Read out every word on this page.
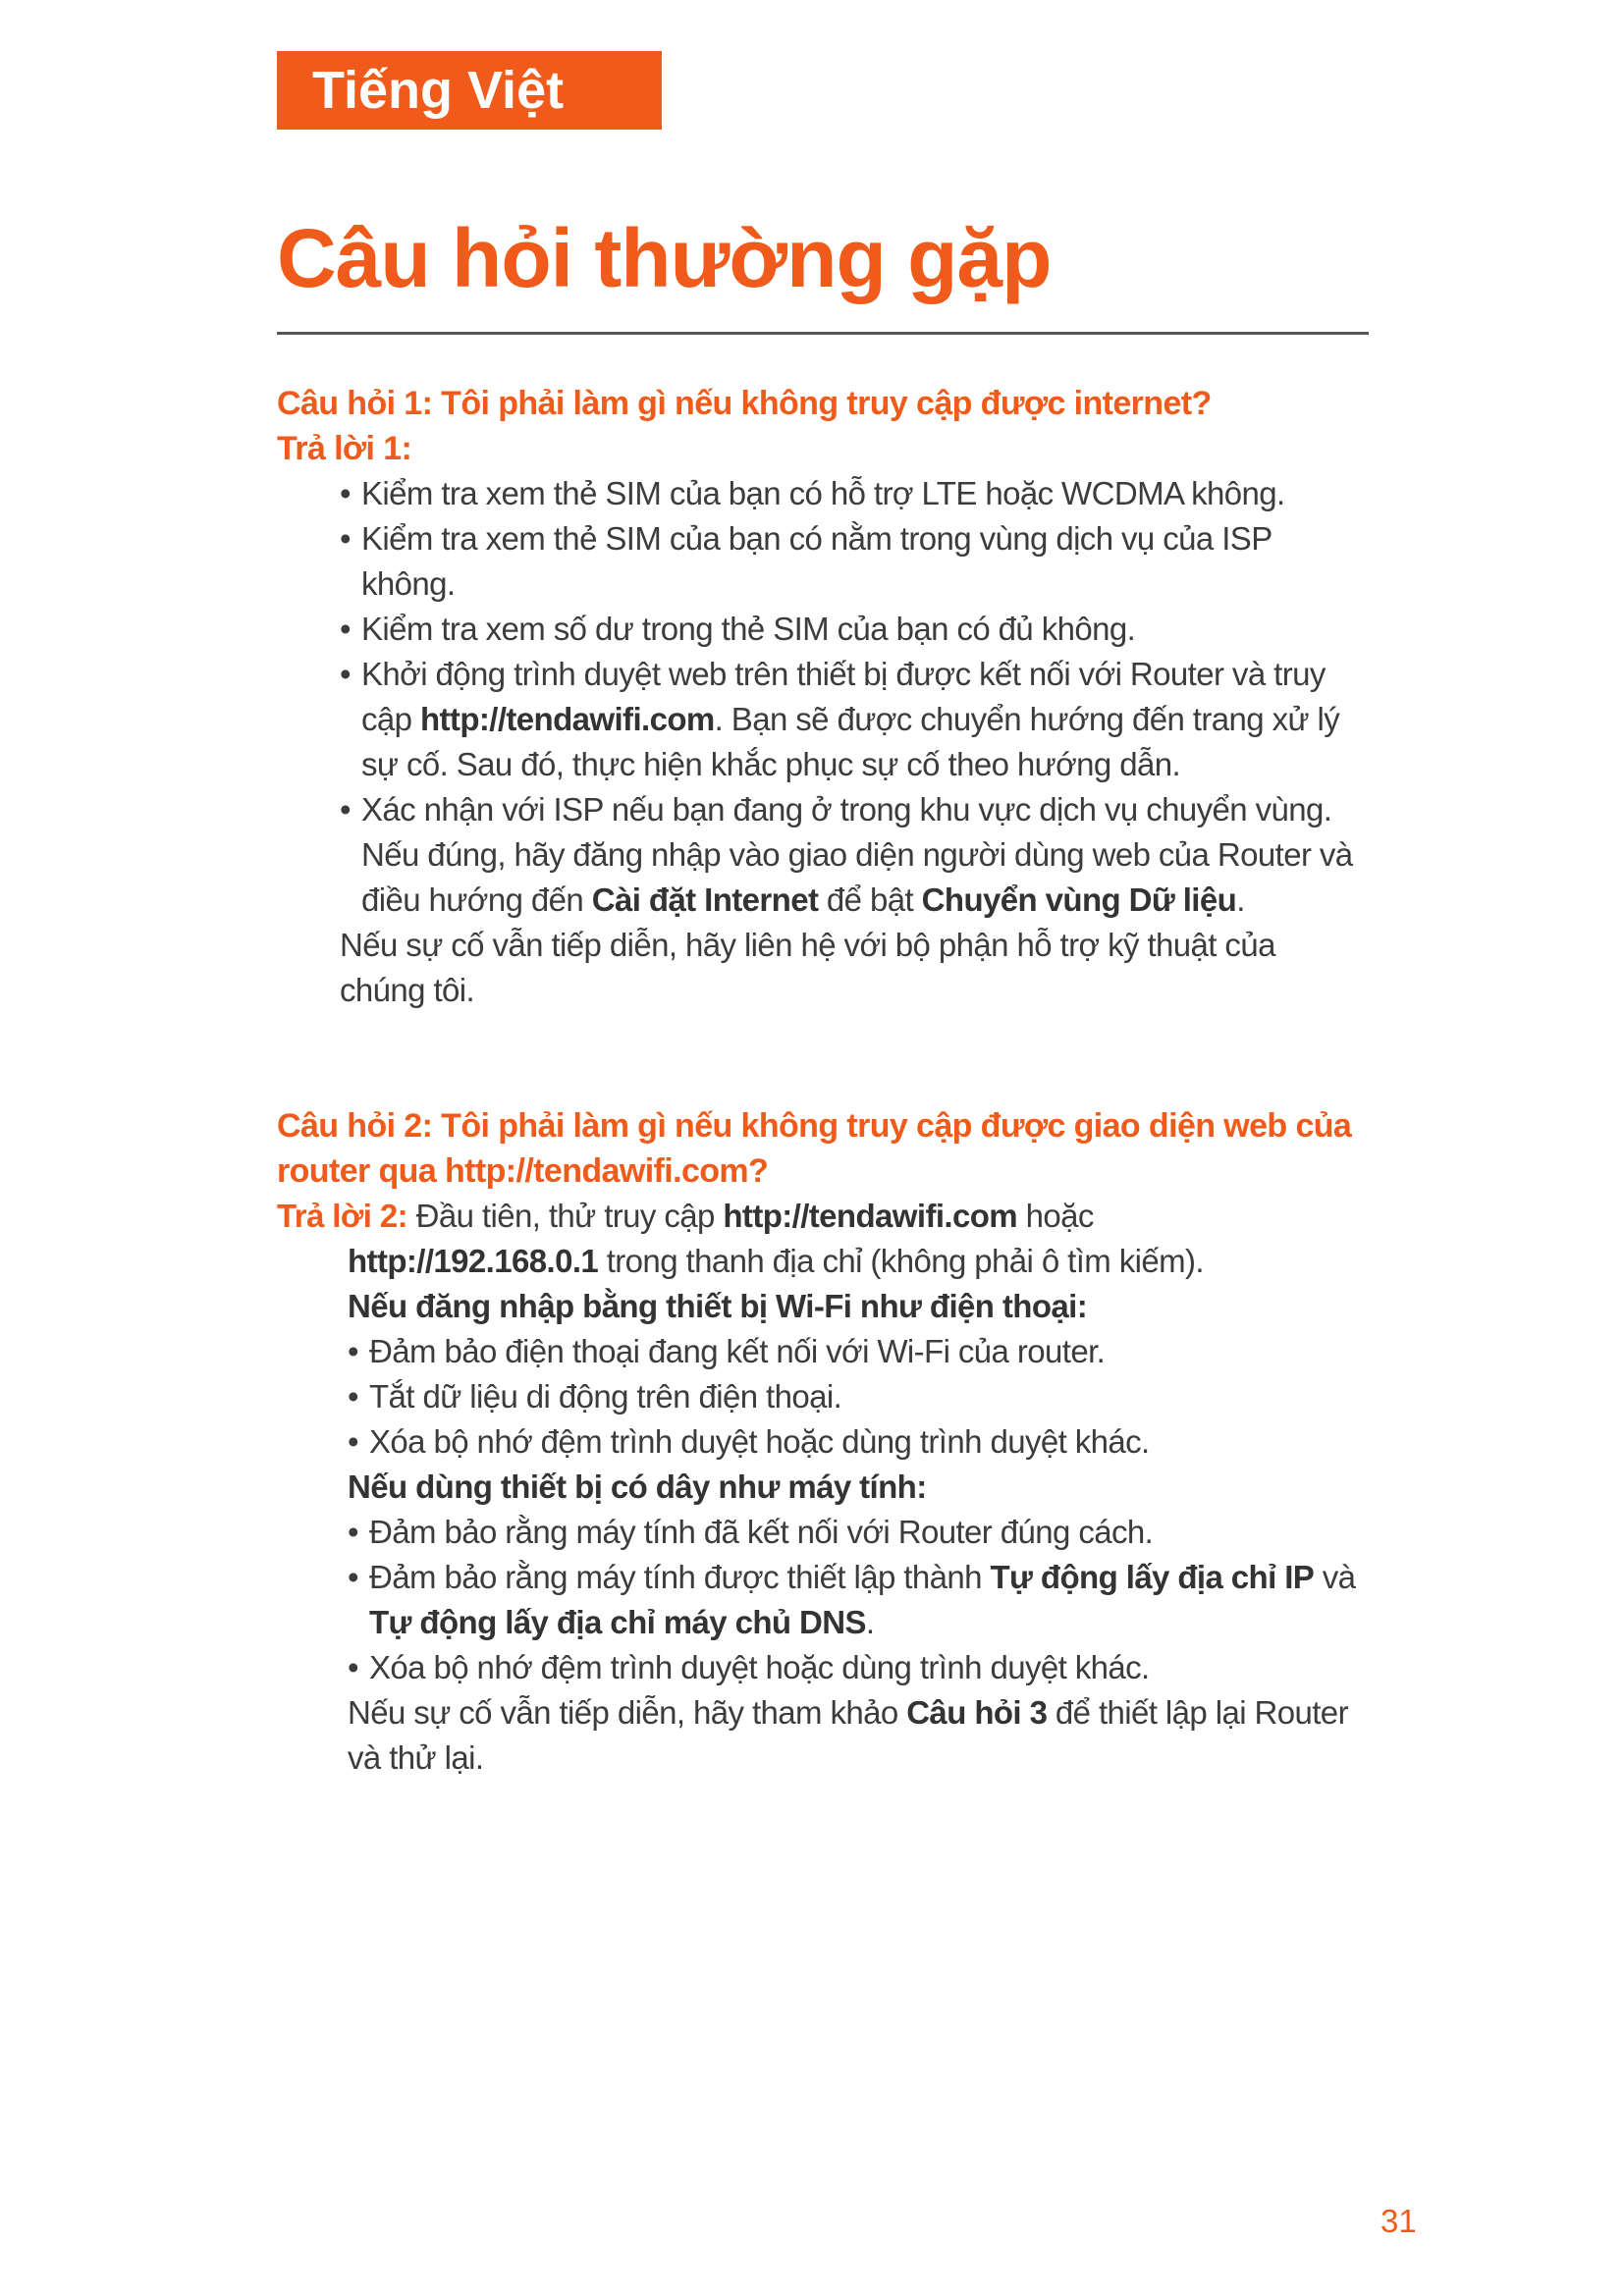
Tiếng Việt
Câu hỏi thường gặp
Câu hỏi 1: Tôi phải làm gì nếu không truy cập được internet?
Trả lời 1:
• Kiểm tra xem thẻ SIM của bạn có hỗ trợ LTE hoặc WCDMA không.
• Kiểm tra xem thẻ SIM của bạn có nằm trong vùng dịch vụ của ISP không.
• Kiểm tra xem số dư trong thẻ SIM của bạn có đủ không.
• Khởi động trình duyệt web trên thiết bị được kết nối với Router và truy cập http://tendawifi.com. Bạn sẽ được chuyển hướng đến trang xử lý sự cố. Sau đó, thực hiện khắc phục sự cố theo hướng dẫn.
• Xác nhận với ISP nếu bạn đang ở trong khu vực dịch vụ chuyển vùng. Nếu đúng, hãy đăng nhập vào giao diện người dùng web của Router và điều hướng đến Cài đặt Internet để bật Chuyển vùng Dữ liệu.
Nếu sự cố vẫn tiếp diễn, hãy liên hệ với bộ phận hỗ trợ kỹ thuật của chúng tôi.
Câu hỏi 2: Tôi phải làm gì nếu không truy cập được giao diện web của router qua http://tendawifi.com?
Trả lời 2: Đầu tiên, thử truy cập http://tendawifi.com hoặc
http://192.168.0.1 trong thanh địa chỉ (không phải ô tìm kiếm).
Nếu đăng nhập bằng thiết bị Wi-Fi như điện thoại:
• Đảm bảo điện thoại đang kết nối với Wi-Fi của router.
• Tắt dữ liệu di động trên điện thoại.
• Xóa bộ nhớ đệm trình duyệt hoặc dùng trình duyệt khác.
Nếu dùng thiết bị có dây như máy tính:
• Đảm bảo rằng máy tính đã kết nối với Router đúng cách.
• Đảm bảo rằng máy tính được thiết lập thành Tự động lấy địa chỉ IP và Tự động lấy địa chỉ máy chủ DNS.
• Xóa bộ nhớ đệm trình duyệt hoặc dùng trình duyệt khác.
Nếu sự cố vẫn tiếp diễn, hãy tham khảo Câu hỏi 3 để thiết lập lại Router và thử lại.
31
